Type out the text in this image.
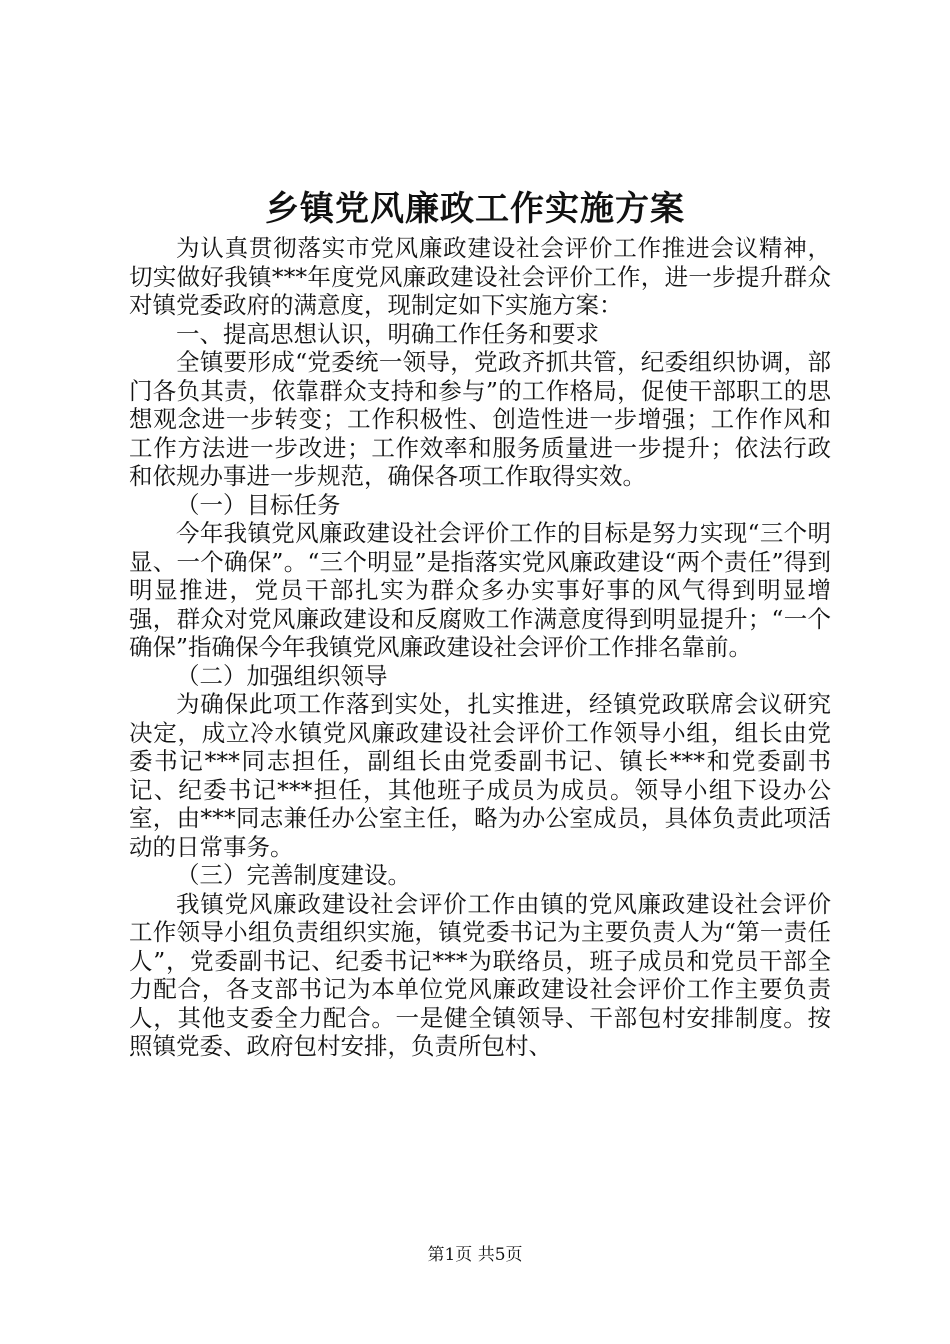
乡镇党风廉政工作实施方案

为认真贯彻落实市党风廉政建设社会评价工作推进会议精神，切实做好我镇***年度党风廉政建设社会评价工作，进一步提升群众对镇党委政府的满意度，现制定如下实施方案：

一、提高思想认识，明确工作任务和要求

全镇要形成“党委统一领导，党政齐抓共管，纪委组织协调，部门各负其责，依靠群众支持和参与”的工作格局，促使干部职工的思想观念进一步转变；工作积极性、创造性进一步增强；工作作风和工作方法进一步改进；工作效率和服务质量进一步提升；依法行政和依规办事进一步规范，确保各项工作取得实效。

（一）目标任务

今年我镇党风廉政建设社会评价工作的目标是努力实现“三个明显、一个确保”。“三个明显”是指落实党风廉政建设“两个责任”得到明显推进，党员干部扎实为群众多办实事好事的风气得到明显增强，群众对党风廉政建设和反腐败工作满意度得到明显提升；“一个确保”指确保今年我镇党风廉政建设社会评价工作排名靠前。

（二）加强组织领导

为确保此项工作落到实处，扎实推进，经镇党政联席会议研究决定，成立冷水镇党风廉政建设社会评价工作领导小组，组长由党委书记***同志担任，副组长由党委副书记、镇长***和党委副书记、纪委书记***担任，其他班子成员为成员。领导小组下设办公室，由***同志兼任办公室主任，略为办公室成员，具体负责此项活动的日常事务。

（三）完善制度建设。

我镇党风廉政建设社会评价工作由镇的党风廉政建设社会评价工作领导小组负责组织实施，镇党委书记为主要负责人为“第一责任人”，党委副书记、纪委书记***为联络员，班子成员和党员干部全力配合，各支部书记为本单位党风廉政建设社会评价工作主要负责人，其他支委全力配合。一是健全镇领导、干部包村安排制度。按照镇党委、政府包村安排，负责所包村、

第1页 共5页
